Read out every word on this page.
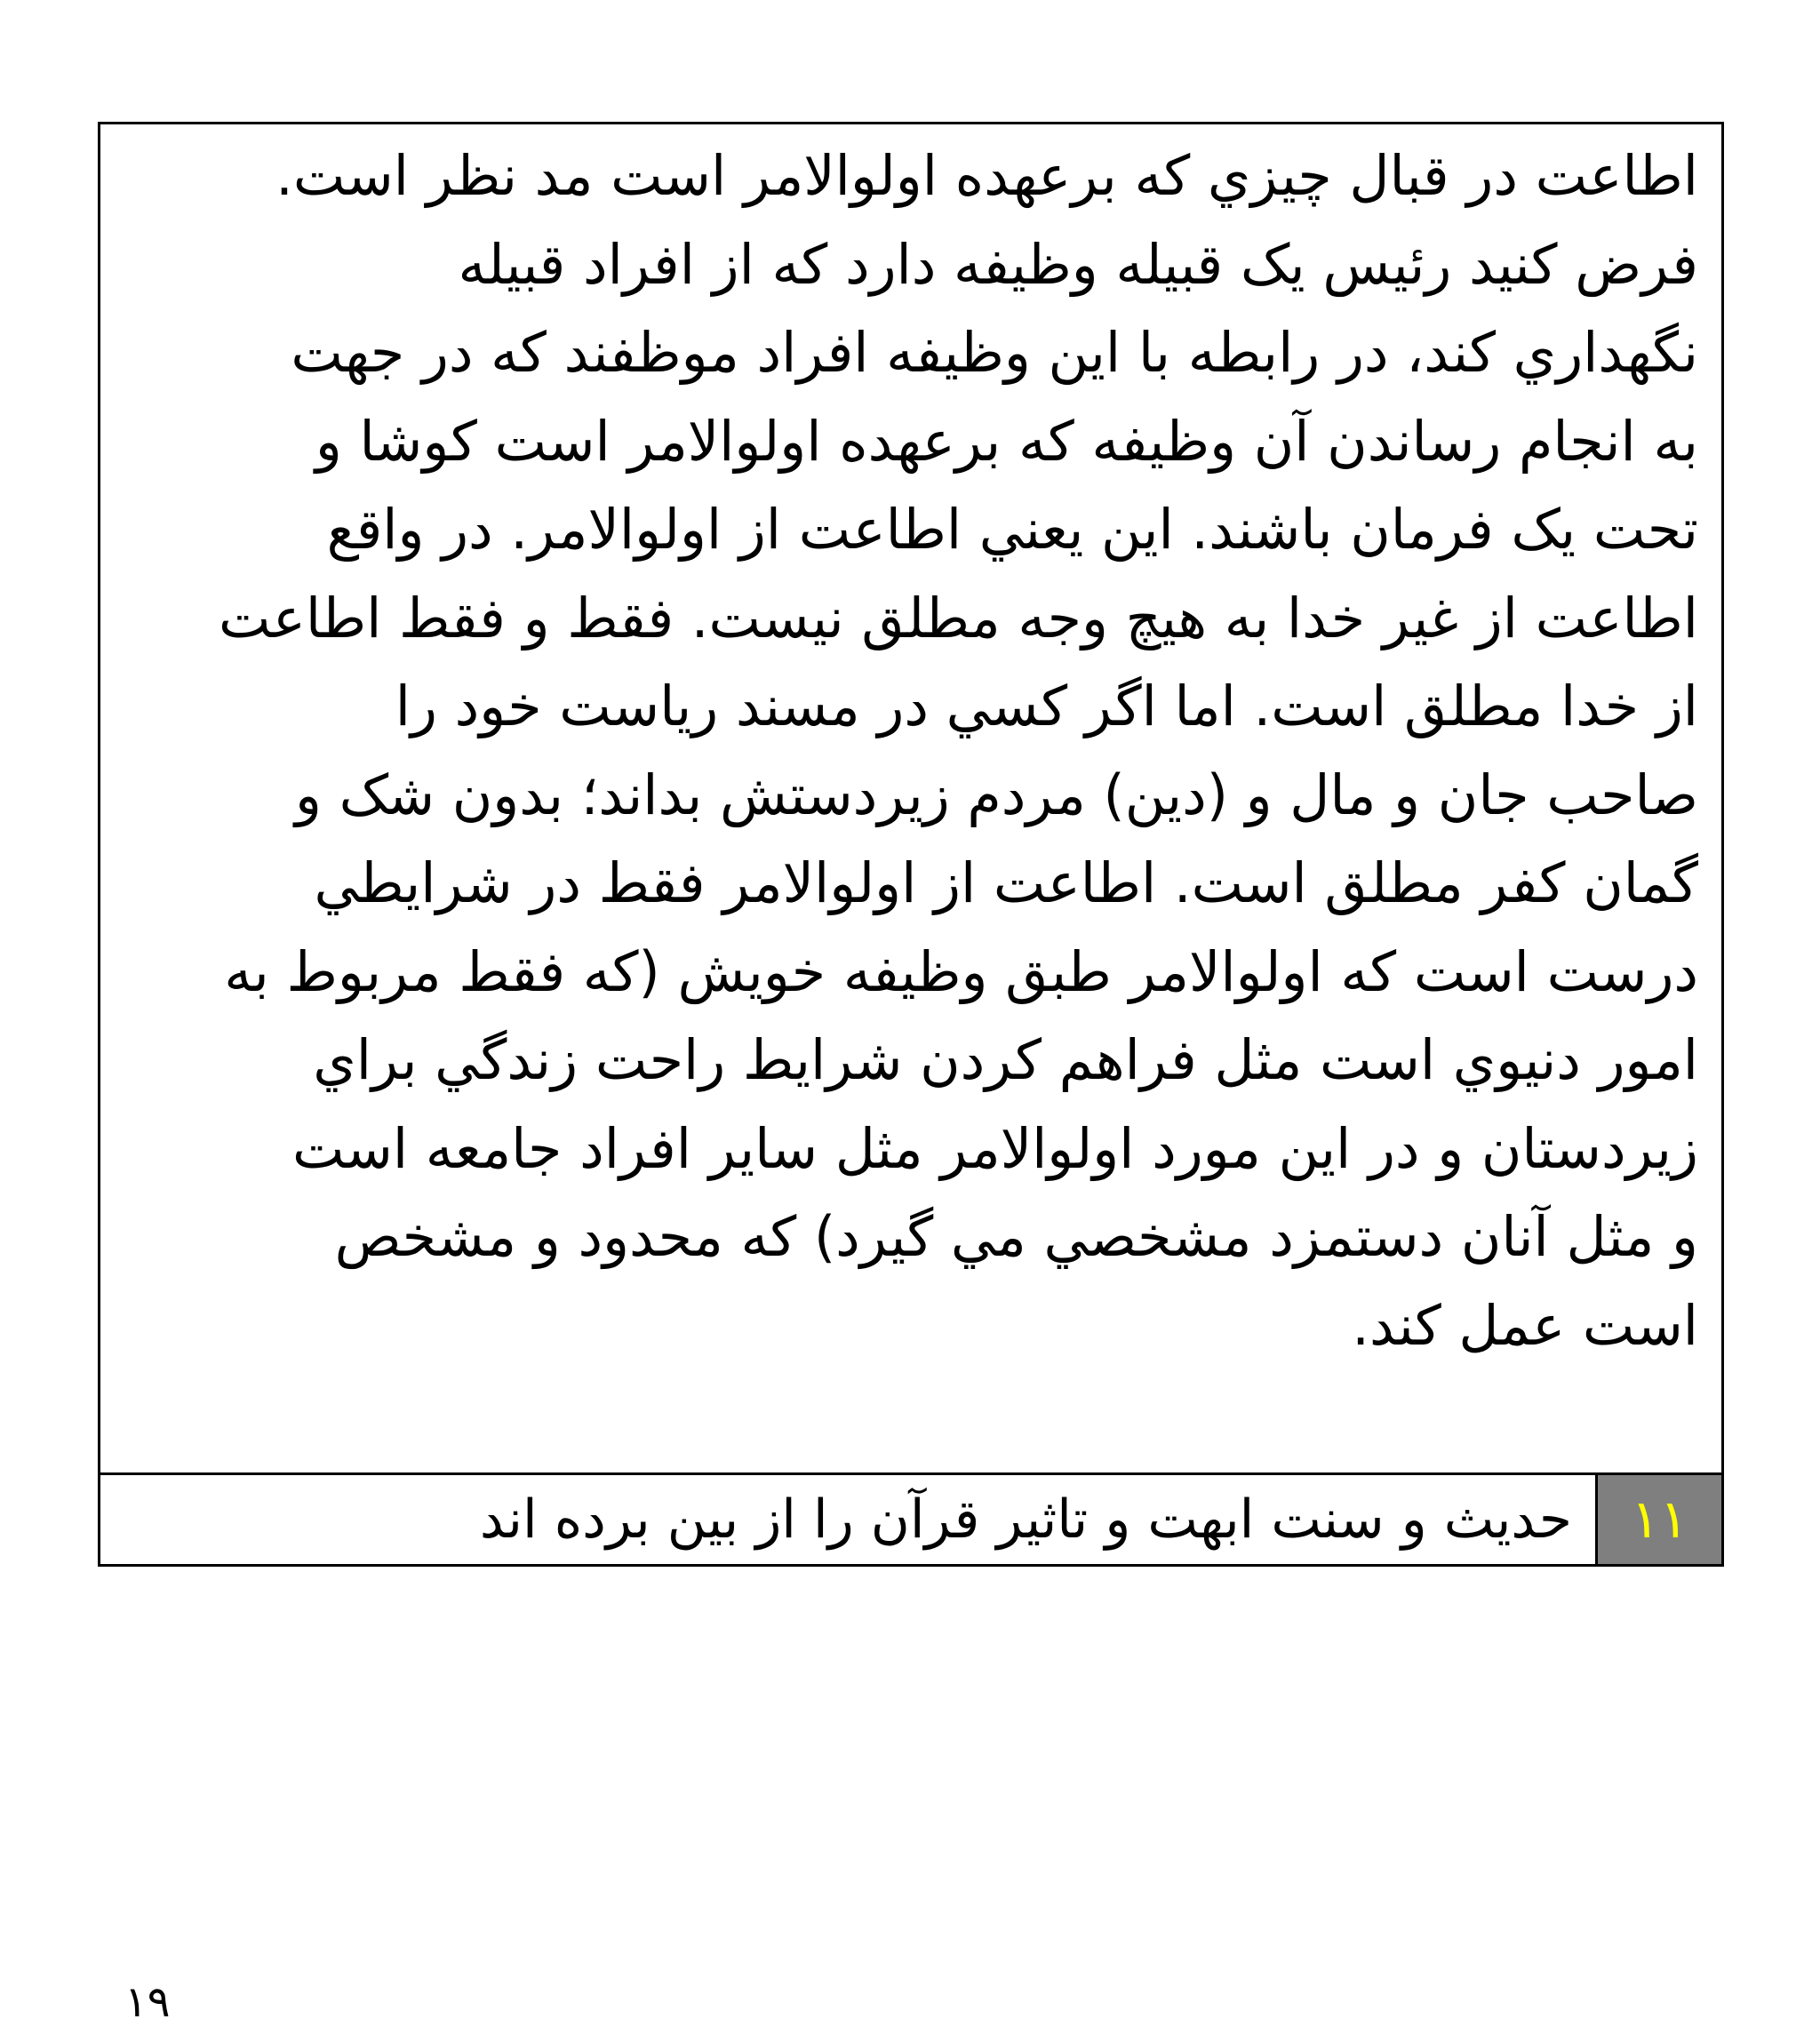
اطاعت در قبال چيزي كه برعهده اولوالامر است مد نظر است.
فرض كنيد رئيس يک قبيله وظيفه دارد كه از افراد قبيله
نگهداري كند، در رابطه با اين وظيفه افراد موظفند كه در جهت
به انجام رساندن آن وظيفه كه برعهده اولوالامر است كوشا و
تحت يک فرمان باشند. اين يعني اطاعت از اولوالامر. در واقع
اطاعت از غير خدا به هيچ وجه مطلق نيست. فقط و فقط اطاعت
از خدا مطلق است. اما اگر كسي در مسند رياست خود را
صاحب جان و مال و (دين) مردم زيردستش بداند؛ بدون شک و
گمان كفر مطلق است. اطاعت از اولوالامر فقط در شرايطي
درست است كه اولوالامر طبق وظيفه خويش (كه فقط مربوط به
امور دنيوي است مثل فراهم كردن شرايط راحت زندگي براي
زيردستان و در اين مورد اولوالامر مثل ساير افراد جامعه است
و مثل آنان دستمزد مشخصي مي گيرد) كه محدود و مشخص
است عمل كند.

۱۱
حديث و سنت ابهت و تاثير قرآن را از بين برده اند
۱۹
